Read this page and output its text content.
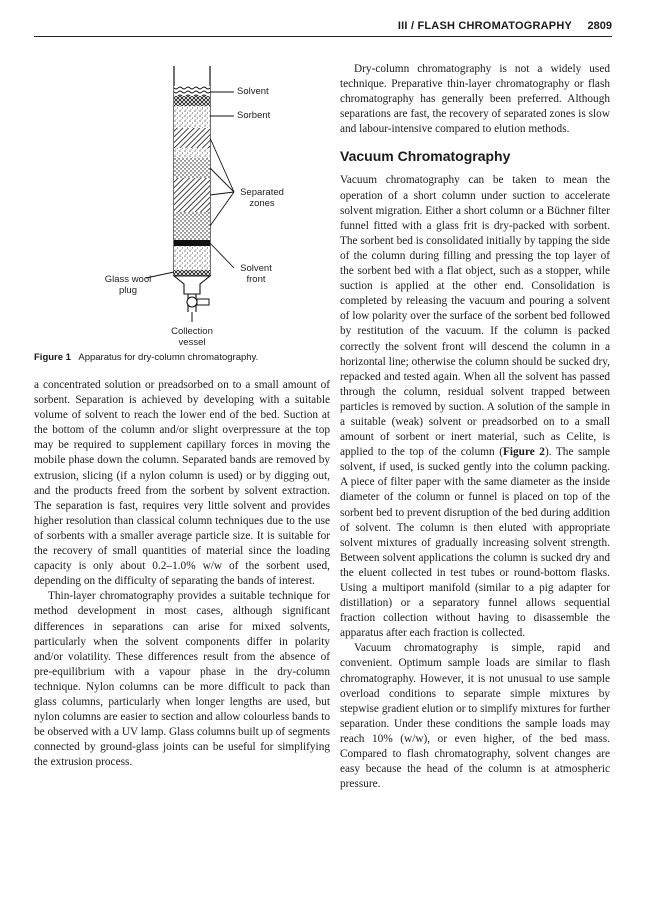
III / FLASH CHROMATOGRAPHY 2809
Solvent
Sorbent
Separated
zones
Solvent
front
Glass wool
plug
Collection
vessel
Figure 1 Apparatus for dry-column chromatography.

a concentrated solution or preadsorbed on to a small amount of sorbent. Separation is achieved by developing with a suitable volume of solvent to reach the lower end of the bed. Suction at the bottom of the column and/or slight overpressure at the top may be required to supplement capillary forces in moving the mobile phase down the column. Separated bands are removed by extrusion, slicing (if a nylon column is used) or by digging out, and the products freed from the sorbent by solvent extraction. The separation is fast, requires very little solvent and provides higher resolution than classical column techniques due to the use of sorbents with a smaller average particle size. It is suitable for the recovery of small quantities of material since the loading capacity is only about 0.2–1.0% w/w of the sorbent used, depending on the difficulty of separating the bands of interest.

Thin-layer chromatography provides a suitable technique for method development in most cases, although significant differences in separations can arise for mixed solvents, particularly when the solvent components differ in polarity and/or volatility. These differences result from the absence of pre-equilibrium with a vapour phase in the dry-column technique. Nylon columns can be more difficult to pack than glass columns, particularly when longer lengths are used, but nylon columns are easier to section and allow colourless bands to be observed with a UV lamp. Glass columns built up of segments connected by ground-glass joints can be useful for simplifying the extrusion process.

Dry-column chromatography is not a widely used technique. Preparative thin-layer chromatography or flash chromatography has generally been preferred. Although separations are fast, the recovery of separated zones is slow and labour-intensive compared to elution methods.

Vacuum Chromatography

Vacuum chromatography can be taken to mean the operation of a short column under suction to accelerate solvent migration. Either a short column or a Büchner filter funnel fitted with a glass frit is dry-packed with sorbent. The sorbent bed is consolidated initially by tapping the side of the column during filling and pressing the top layer of the sorbent bed with a flat object, such as a stopper, while suction is applied at the other end. Consolidation is completed by releasing the vacuum and pouring a solvent of low polarity over the surface of the sorbent bed followed by restitution of the vacuum. If the column is packed correctly the solvent front will descend the column in a horizontal line; otherwise the column should be sucked dry, repacked and tested again. When all the solvent has passed through the column, residual solvent trapped between particles is removed by suction. A solution of the sample in a suitable (weak) solvent or preadsorbed on to a small amount of sorbent or inert material, such as Celite, is applied to the top of the column (Figure 2). The sample solvent, if used, is sucked gently into the column packing. A piece of filter paper with the same diameter as the inside diameter of the column or funnel is placed on top of the sorbent bed to prevent disruption of the bed during addition of solvent. The column is then eluted with appropriate solvent mixtures of gradually increasing solvent strength. Between solvent applications the column is sucked dry and the eluent collected in test tubes or round-bottom flasks. Using a multiport manifold (similar to a pig adapter for distillation) or a separatory funnel allows sequential fraction collection without having to disassemble the apparatus after each fraction is collected.

Vacuum chromatography is simple, rapid and convenient. Optimum sample loads are similar to flash chromatography. However, it is not unusual to use sample overload conditions to separate simple mixtures by stepwise gradient elution or to simplify mixtures for further separation. Under these conditions the sample loads may reach 10% (w/w), or even higher, of the bed mass. Compared to flash chromatography, solvent changes are easy because the head of the column is at atmospheric pressure.
